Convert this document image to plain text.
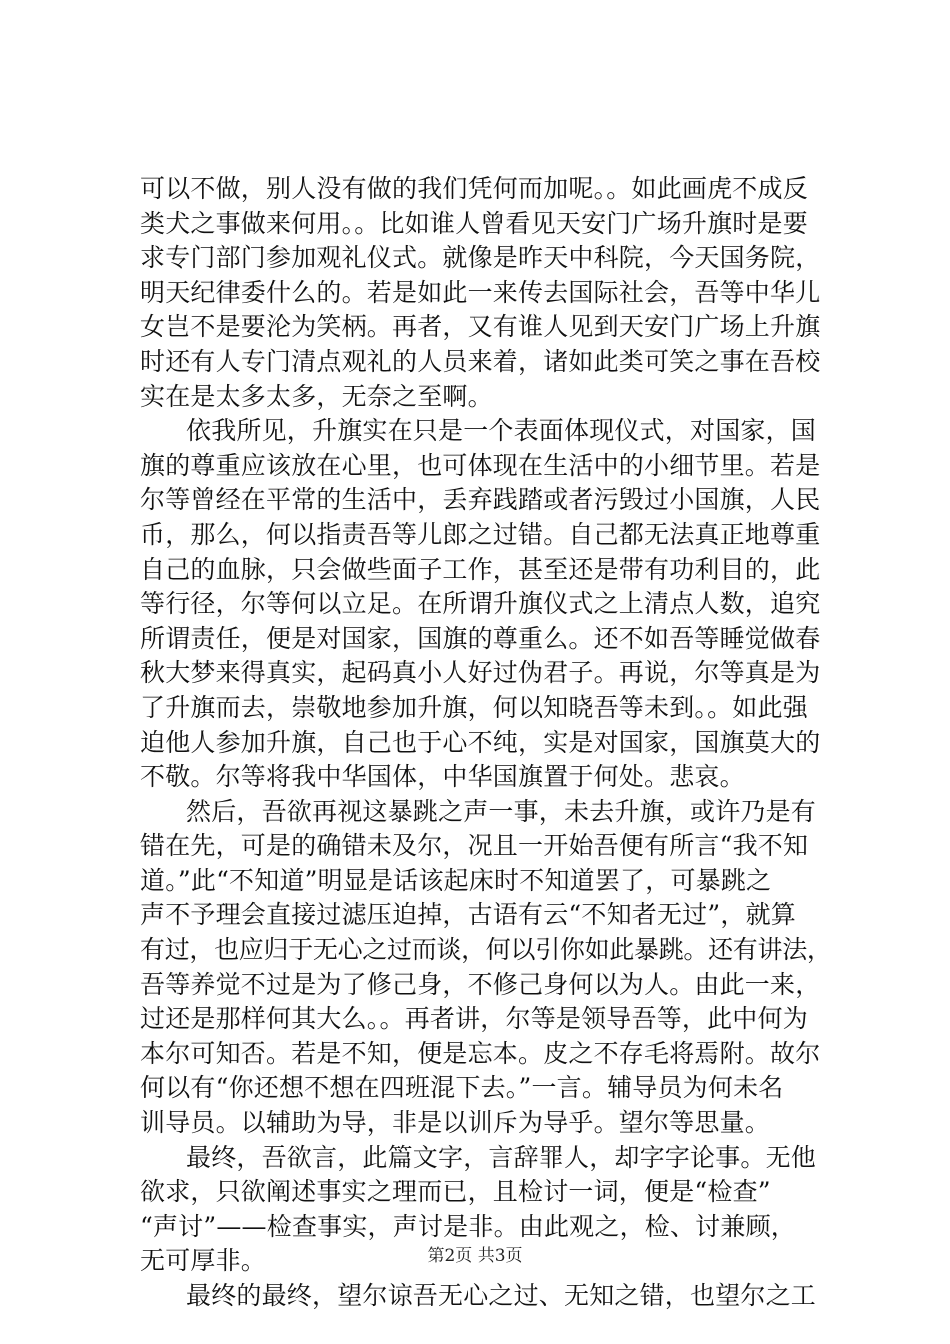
可以不做，别人没有做的我们凭何而加呢。。如此画虎不成反
类犬之事做来何用。。比如谁人曾看见天安门广场升旗时是要
求专门部门参加观礼仪式。就像是昨天中科院，今天国务院，
明天纪律委什么的。若是如此一来传去国际社会，吾等中华儿
女岂不是要沦为笑柄。再者，又有谁人见到天安门广场上升旗
时还有人专门清点观礼的人员来着，诸如此类可笑之事在吾校
实在是太多太多，无奈之至啊。
依我所见，升旗实在只是一个表面体现仪式，对国家，国
旗的尊重应该放在心里，也可体现在生活中的小细节里。若是
尔等曾经在平常的生活中，丢弃践踏或者污毁过小国旗，人民
币，那么，何以指责吾等儿郎之过错。自己都无法真正地尊重
自己的血脉，只会做些面子工作，甚至还是带有功利目的，此
等行径，尔等何以立足。在所谓升旗仪式之上清点人数，追究
所谓责任，便是对国家，国旗的尊重么。还不如吾等睡觉做春
秋大梦来得真实，起码真小人好过伪君子。再说，尔等真是为
了升旗而去，崇敬地参加升旗，何以知晓吾等未到。。如此强
迫他人参加升旗，自己也于心不纯，实是对国家，国旗莫大的
不敬。尔等将我中华国体，中华国旗置于何处。悲哀。
然后，吾欲再视这暴跳之声一事，未去升旗，或许乃是有
错在先，可是的确错未及尔，况且一开始吾便有所言“我不知
道。”此“不知道”明显是话该起床时不知道罢了，可暴跳之
声不予理会直接过滤压迫掉，古语有云“不知者无过”，就算
有过，也应归于无心之过而谈，何以引你如此暴跳。还有讲法，
吾等养觉不过是为了修己身，不修己身何以为人。由此一来，
过还是那样何其大么。。再者讲，尔等是领导吾等，此中何为
本尔可知否。若是不知，便是忘本。皮之不存毛将焉附。故尔
何以有“你还想不想在四班混下去。”一言。辅导员为何未名
训导员。以辅助为导，非是以训斥为导乎。望尔等思量。
最终，吾欲言，此篇文字，言辞罪人，却字字论事。无他
欲求，只欲阐述事实之理而已，且检讨一词，便是“检查”
“声讨”——检查事实，声讨是非。由此观之，检、讨兼顾，
无可厚非。
最终的最终，望尔谅吾无心之过、无知之错，也望尔之工
第2页 共3页
